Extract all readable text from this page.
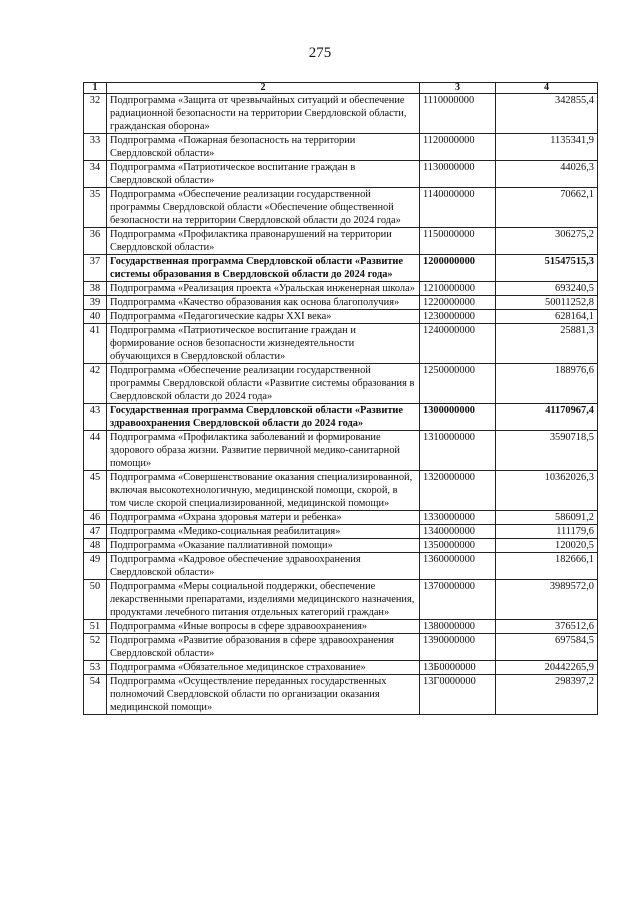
275
1	2	3	4
32	Подпрограмма «Защита от чрезвычайных ситуаций и обеспечение радиационной безопасности на территории Свердловской области, гражданская оборона»	1110000000	342855,4
33	Подпрограмма «Пожарная безопасность на территории Свердловской области»	1120000000	1135341,9
34	Подпрограмма «Патриотическое воспитание граждан в Свердловской области»	1130000000	44026,3
35	Подпрограмма «Обеспечение реализации государственной программы Свердловской области «Обеспечение общественной безопасности на территории Свердловской области до 2024 года»	1140000000	70662,1
36	Подпрограмма «Профилактика правонарушений на территории Свердловской области»	1150000000	306275,2
37	Государственная программа Свердловской области «Развитие системы образования в Свердловской области до 2024 года»	1200000000	51547515,3
38	Подпрограмма «Реализация проекта «Уральская инженерная школа»	1210000000	693240,5
39	Подпрограмма «Качество образования как основа благополучия»	1220000000	50011252,8
40	Подпрограмма «Педагогические кадры XXI века»	1230000000	628164,1
41	Подпрограмма «Патриотическое воспитание граждан и формирование основ безопасности жизнедеятельности обучающихся в Свердловской области»	1240000000	25881,3
42	Подпрограмма «Обеспечение реализации государственной программы Свердловской области «Развитие системы образования в Свердловской области до 2024 года»	1250000000	188976,6
43	Государственная программа Свердловской области «Развитие здравоохранения Свердловской области до 2024 года»	1300000000	41170967,4
44	Подпрограмма «Профилактика заболеваний и формирование здорового образа жизни. Развитие первичной медико-санитарной помощи»	1310000000	3590718,5
45	Подпрограмма «Совершенствование оказания специализированной, включая высокотехнологичную, медицинской помощи, скорой, в том числе скорой специализированной, медицинской помощи»	1320000000	10362026,3
46	Подпрограмма «Охрана здоровья матери и ребенка»	1330000000	586091,2
47	Подпрограмма «Медико-социальная реабилитация»	1340000000	111179,6
48	Подпрограмма «Оказание паллиативной помощи»	1350000000	120020,5
49	Подпрограмма «Кадровое обеспечение здравоохранения Свердловской области»	1360000000	182666,1
50	Подпрограмма «Меры социальной поддержки, обеспечение лекарственными препаратами, изделиями медицинского назначения, продуктами лечебного питания отдельных категорий граждан»	1370000000	3989572,0
51	Подпрограмма «Иные вопросы в сфере здравоохранения»	1380000000	376512,6
52	Подпрограмма «Развитие образования в сфере здравоохранения Свердловской области»	1390000000	697584,5
53	Подпрограмма «Обязательное медицинское страхование»	13Б0000000	20442265,9
54	Подпрограмма «Осуществление переданных государственных полномочий Свердловской области по организации оказания медицинской помощи»	13Г0000000	298397,2
